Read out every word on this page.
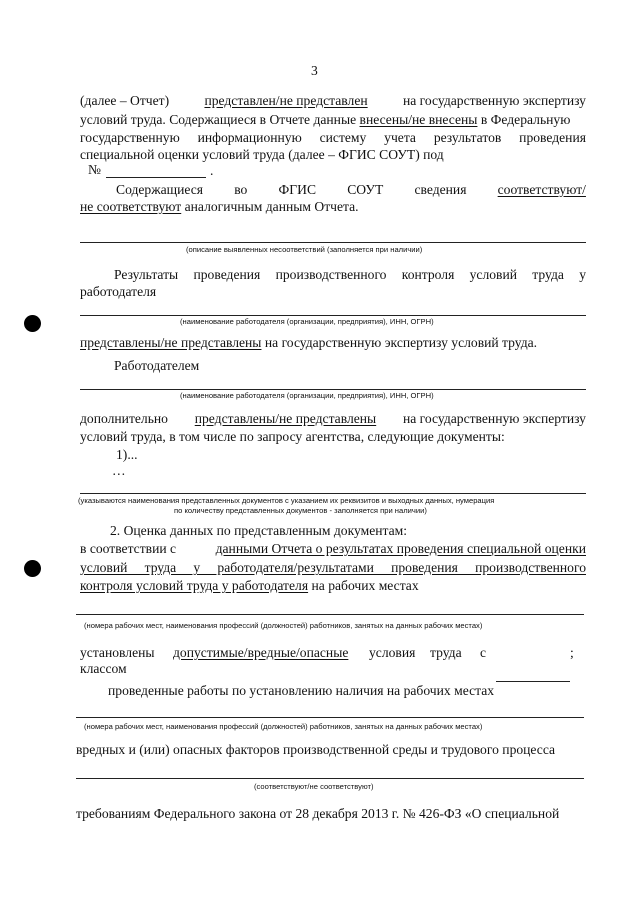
3
(далее – Отчет)	представлен/не представлен	на государственную экспертизу
условий труда. Содержащиеся в Отчете данные внесены/не внесены в Федеральную
государственную информационную систему учета результатов проведения
специальной оценки условий труда (далее – ФГИС СОУТ) под
№	.
Содержащиеся во ФГИС СОУТ сведения соответствуют/
не соответствуют аналогичным данным Отчета.
(описание выявленных несоответствий (заполняется при наличии)
Результаты проведения производственного контроля условий труда у
работодателя
(наименование работодателя (организации, предприятия), ИНН, ОГРН)
представлены/не представлены на государственную экспертизу условий труда.
Работодателем
(наименование работодателя (организации, предприятия), ИНН, ОГРН)
дополнительно представлены/не представлены на государственную экспертизу
условий труда, в том числе по запросу агентства, следующие документы:
1)...
…
(указываются наименования представленных документов с указанием их реквизитов и выходных данных, нумерация
по количеству представленных документов - заполняется при наличии)
2. Оценка данных по представленным документам:
в соответствии с	данными Отчета о результатах проведения специальной оценки
условий труда у работодателя/результатами проведения производственного
контроля условий труда у работодателя на рабочих местах
(номера рабочих мест, наименования профессий (должностей) работников, занятых на данных рабочих местах)
установлены допустимые/вредные/опасные условия труда с	;
классом
проведенные работы по установлению наличия на рабочих местах
(номера рабочих мест, наименования профессий (должностей) работников, занятых на данных рабочих местах)
вредных и (или) опасных факторов производственной среды и трудового процесса
(соответствуют/не соответствуют)
требованиям Федерального закона от 28 декабря 2013 г. № 426-ФЗ «О специальной
